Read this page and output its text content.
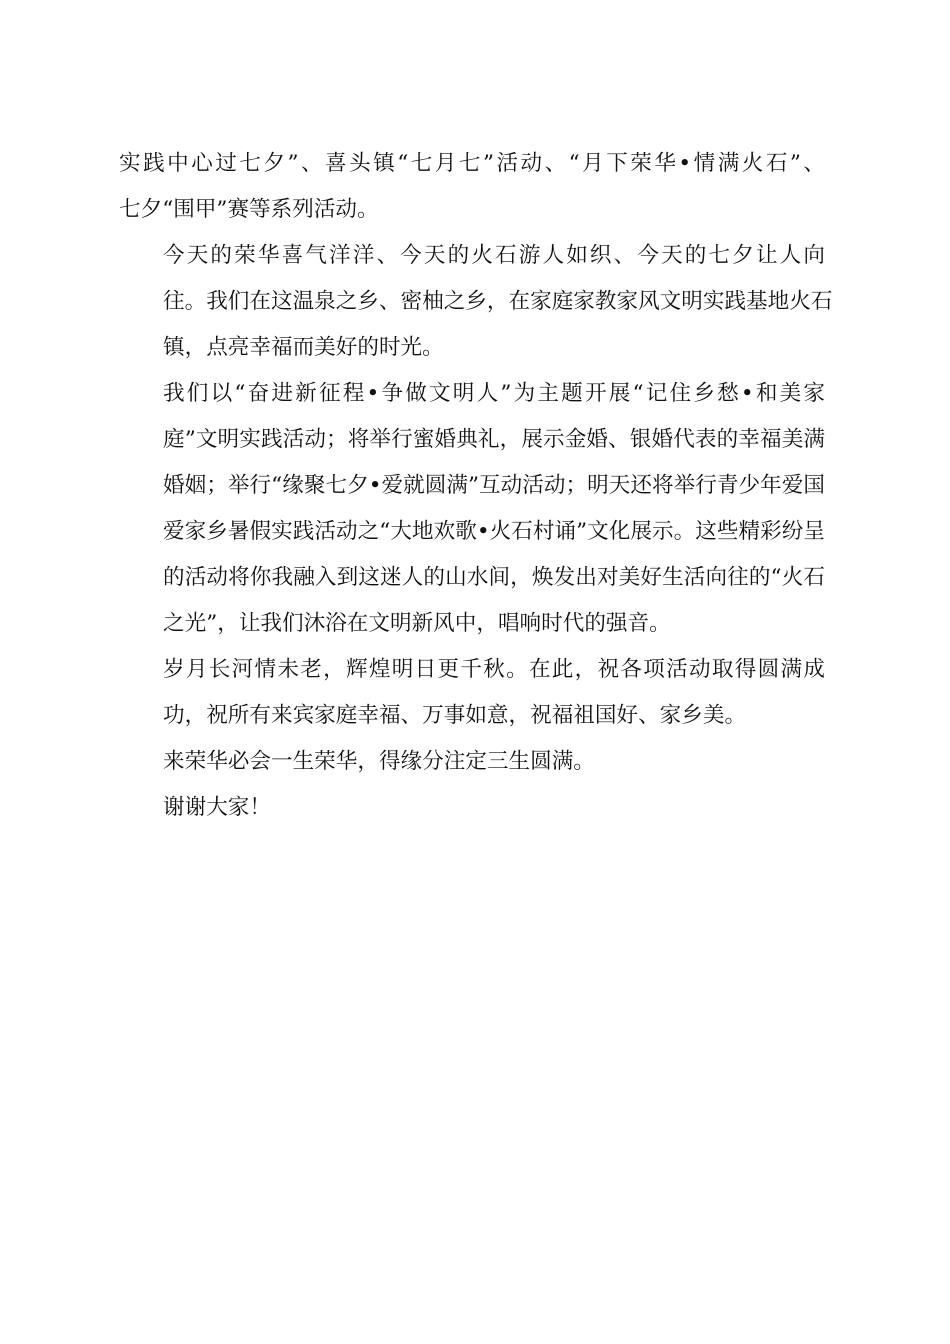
实践中心过七夕”、喜头镇“七月七”活动、“月下荣华•情满火石”、
七夕“围甲”赛等系列活动。

今天的荣华喜气洋洋、今天的火石游人如织、今天的七夕让人向
往。我们在这温泉之乡、密柚之乡，在家庭家教家风文明实践基地火石
镇，点亮幸福而美好的时光。

我们以“奋进新征程•争做文明人”为主题开展“记住乡愁•和美家
庭”文明实践活动；将举行蜜婚典礼，展示金婚、银婚代表的幸福美满
婚姻；举行“缘聚七夕•爱就圆满”互动活动；明天还将举行青少年爱国
爱家乡暑假实践活动之“大地欢歌•火石村诵”文化展示。这些精彩纷呈
的活动将你我融入到这迷人的山水间，焕发出对美好生活向往的“火石
之光”，让我们沐浴在文明新风中，唱响时代的强音。

岁月长河情未老，辉煌明日更千秋。在此，祝各项活动取得圆满成
功，祝所有来宾家庭幸福、万事如意，祝福祖国好、家乡美。

来荣华必会一生荣华，得缘分注定三生圆满。

谢谢大家！
